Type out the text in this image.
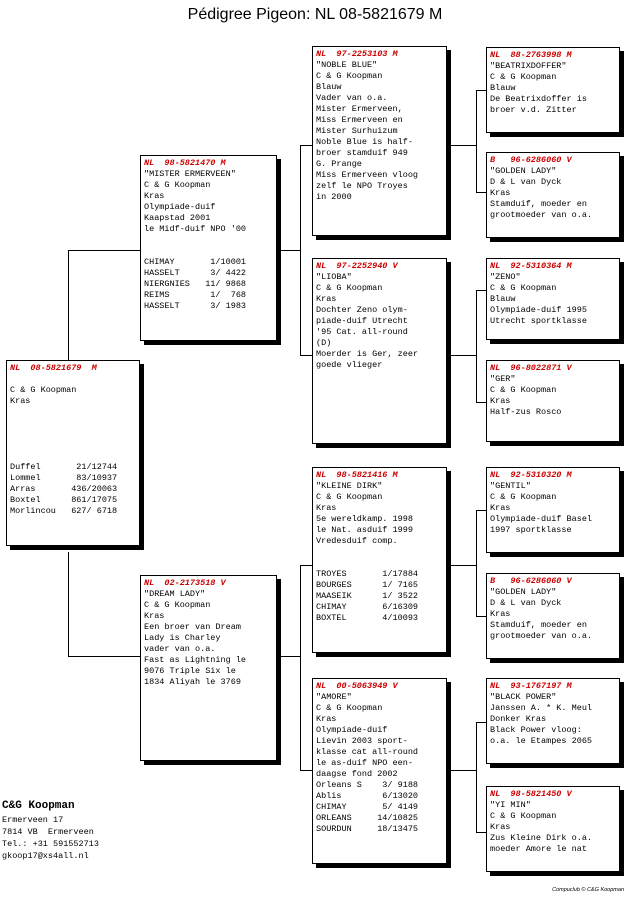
Pédigree Pigeon: NL 08-5821679 M
NL  08-5821679  M
C & G Koopman
Kras
Duffel       21/12744
Lommel       83/10937
Arras       436/20063
Boxtel      861/17075
Morlincou   627/ 6718
NL  98-5821470 M
"MISTER ERMERVEEN"
C & G Koopman
Kras
Olympiade-duif
Kaapstad 2001
le Midf-duif NPO '00
CHIMAY       1/10001
HASSELT      3/ 4422
NIERGNIES   11/ 9868
REIMS        1/  768
HASSELT      3/ 1983
NL  02-2173518 V
"DREAM LADY"
C & G Koopman
Kras
Een broer van Dream
Lady is Charley
vader van o.a.
Fast as Lightning le
9076 Triple Six le
1834 Aliyah le 3769
NL  97-2253103 M
"NOBLE BLUE"
C & G Koopman
Blauw
Vader van o.a.
Mister Ermerveen,
Miss Ermerveen en
Mister Surhuizum
Noble Blue is half-
broer stamduif 949
G. Prange
Miss Ermerveen vloog
zelf le NPO Troyes
in 2000
NL  97-2252940 V
"LIOBA"
C & G Koopman
Kras
Dochter Zeno olym-
piade-duif Utrecht
'95 Cat. all-round
(D)
Moerder is Ger, zeer
goede vlieger
NL  98-5821416 M
"KLEINE DIRK"
C & G Koopman
Kras
5e wereldkamp. 1998
le Nat. asduif 1999
Vredesduif comp.
TROYES       1/17884
BOURGES      1/ 7165
MAASEIK      1/ 3522
CHIMAY       6/16309
BOXTEL       4/10093
NL  00-5063949 V
"AMORE"
C & G Koopman
Kras
Olympiade-duif
Lievin 2003 sport-
klasse cat all-round
le as-duif NPO een-
daagse fond 2002
Orleans S    3/ 9188
Ablis        6/13020
CHIMAY       5/ 4149
ORLEANS     14/10825
SOURDUN     18/13475
NL  88-2763998 M
"BEATRIXDOFFER"
C & G Koopman
Blauw
De Beatrixdoffer is
broer v.d. Zitter
B   96-6286060 V
"GOLDEN LADY"
D & L van Dyck
Kras
Stamduif, moeder en
grootmoeder van o.a.
NL  92-5310364 M
"ZENO"
C & G Koopman
Blauw
Olympiade-duif 1995
Utrecht sportklasse
NL  96-8022871 V
"GER"
C & G Koopman
Kras
Half-zus Rosco
NL  92-5310320 M
"GENTIL"
C & G Koopman
Kras
Olympiade-duif Basel
1997 sportklasse
B   96-6286060 V
"GOLDEN LADY"
D & L van Dyck
Kras
Stamduif, moeder en
grootmoeder van o.a.
NL  93-1767197 M
"BLACK POWER"
Janssen A. * K. Meul
Donker Kras
Black Power vloog:
o.a. le Etampes 2065
NL  98-5821450 V
"YI MIN"
C & G Koopman
Kras
Zus Kleine Dirk o.a.
moeder Amore le nat
C&G Koopman
Ermerveen 17
7814 VB  Ermerveen
Tel.: +31 591552713
gkoop17@xs4all.nl
Compuclub © C&G Koopman
